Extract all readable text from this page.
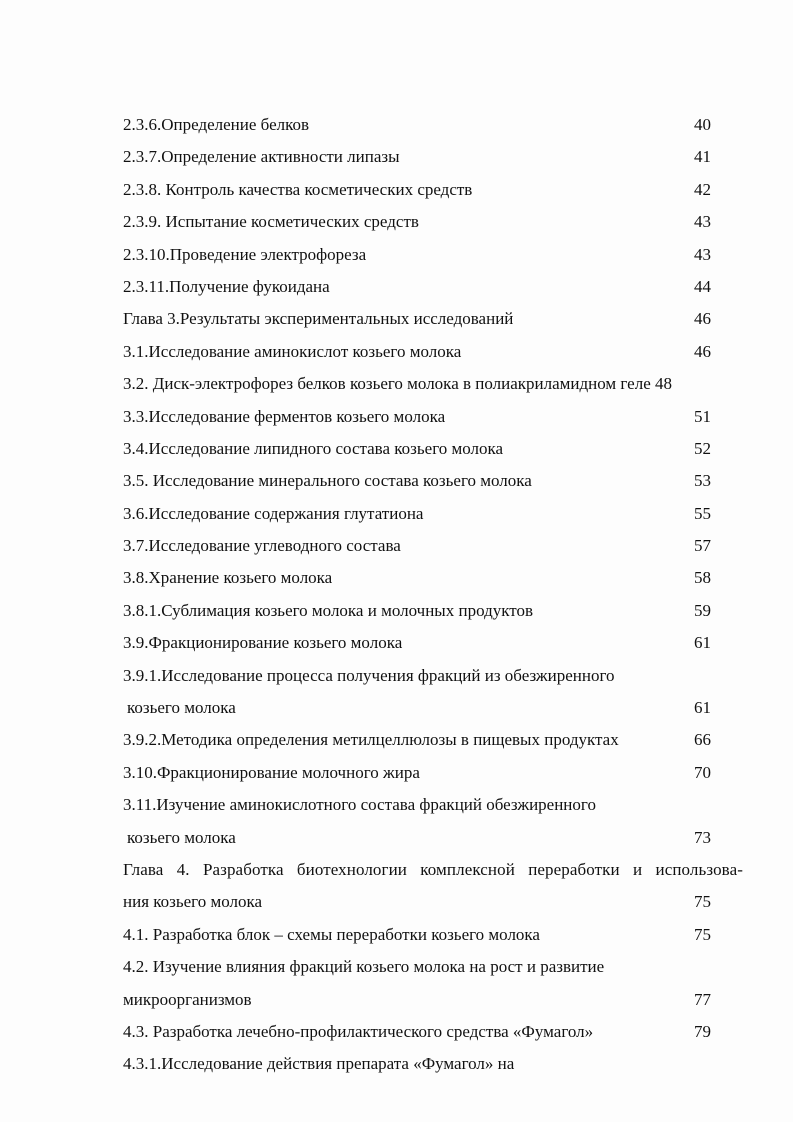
2.3.6.Определение белков	40
2.3.7.Определение активности липазы	41
2.3.8. Контроль качества косметических средств	42
2.3.9. Испытание косметических средств	43
2.3.10.Проведение электрофореза	43
2.3.11.Получение фукоидана	44
Глава 3.Результаты экспериментальных исследований	46
3.1.Исследование аминокислот козьего молока	46
3.2. Диск-электрофорез белков козьего молока в полиакриламидном геле 48
3.3.Исследование ферментов козьего молока	51
3.4.Исследование липидного состава козьего молока	52
3.5. Исследование минерального состава козьего молока	53
3.6.Исследование содержания глутатиона	55
3.7.Исследование углеводного состава	57
3.8.Хранение козьего молока	58
3.8.1.Сублимация козьего молока и молочных продуктов	59
3.9.Фракционирование козьего молока	61
3.9.1.Исследование процесса получения фракций из обезжиренного
козьего молока	61
3.9.2.Методика определения метилцеллюлозы в пищевых продуктах	66
3.10.Фракционирование молочного жира	70
3.11.Изучение аминокислотного состава фракций обезжиренного
козьего молока	73
Глава 4. Разработка биотехнологии комплексной переработки и использова-
ния козьего молока	75
4.1. Разработка блок – схемы переработки козьего молока	75
4.2. Изучение влияния фракций козьего молока на рост и развитие
микроорганизмов	77
4.3. Разработка лечебно-профилактического средства «Фумагол»	79
4.3.1.Исследование действия препарата «Фумагол» на
